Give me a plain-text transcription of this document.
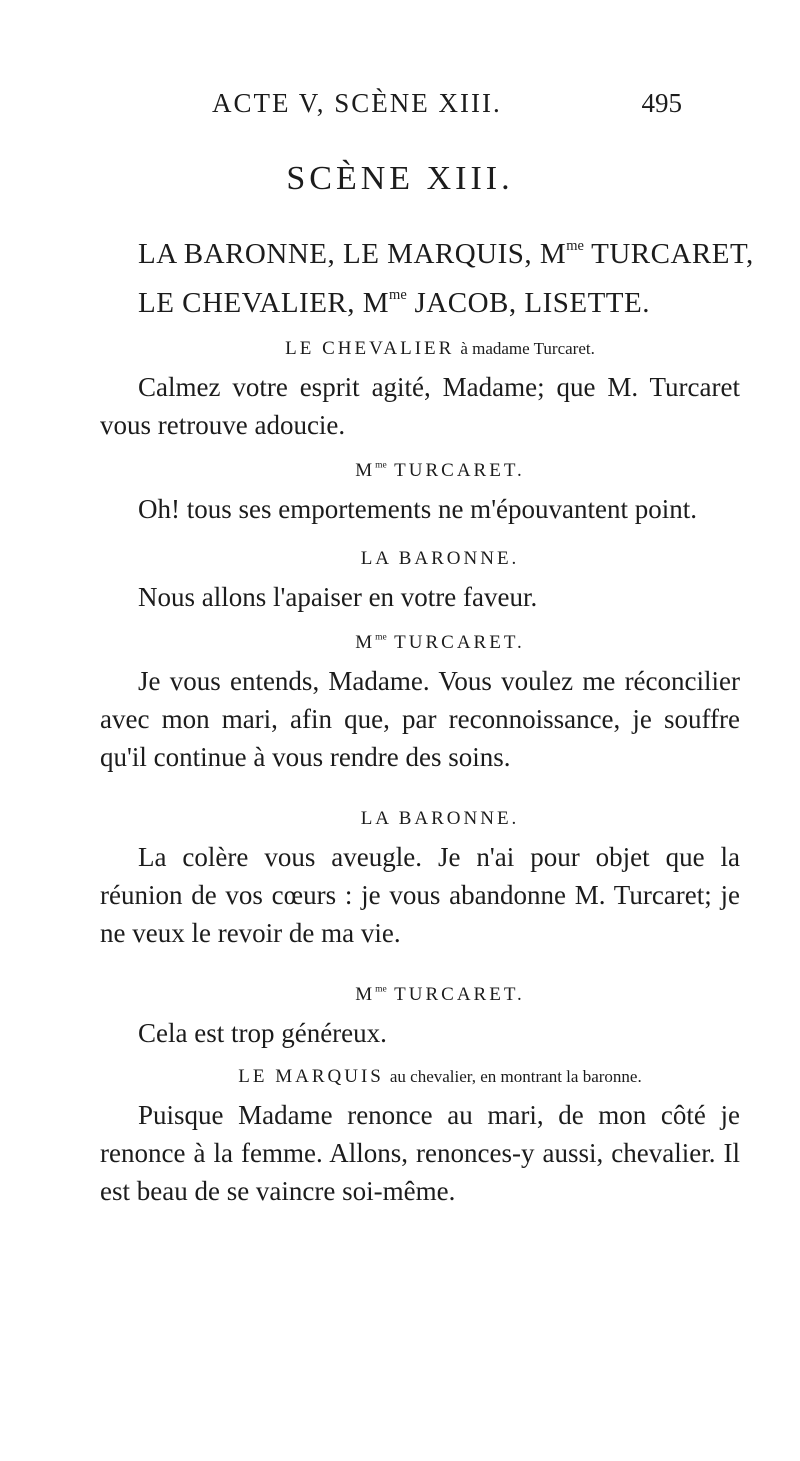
ACTE V, SCÈNE XIII.	495
SCÈNE XIII.
LA BARONNE, LE MARQUIS, $M^{me}$ TURCARET,
LE CHEVALIER, $M^{me}$ JACOB, LISETTE.
LE CHEVALIER à madame Turcaret.

Calmez votre esprit agité, Madame; que M. Turcaret vous retrouve adoucie.

$M^{me}$ TURCARET.

Oh! tous ses emportements ne m'épouvantent point.

LA BARONNE.

Nous allons l'apaiser en votre faveur.

$M^{me}$ TURCARET.

Je vous entends, Madame. Vous voulez me réconcilier avec mon mari, afin que, par reconnoissance, je souffre qu'il continue à vous rendre des soins.

LA BARONNE.

La colère vous aveugle. Je n'ai pour objet que la réunion de vos cœurs : je vous abandonne M. Turcaret; je ne veux le revoir de ma vie.

$M^{me}$ TURCARET.

Cela est trop généreux.

LE MARQUIS au chevalier, en montrant la baronne.

Puisque Madame renonce au mari, de mon côté je renonce à la femme. Allons, renonces-y aussi, chevalier. Il est beau de se vaincre soi-même.
